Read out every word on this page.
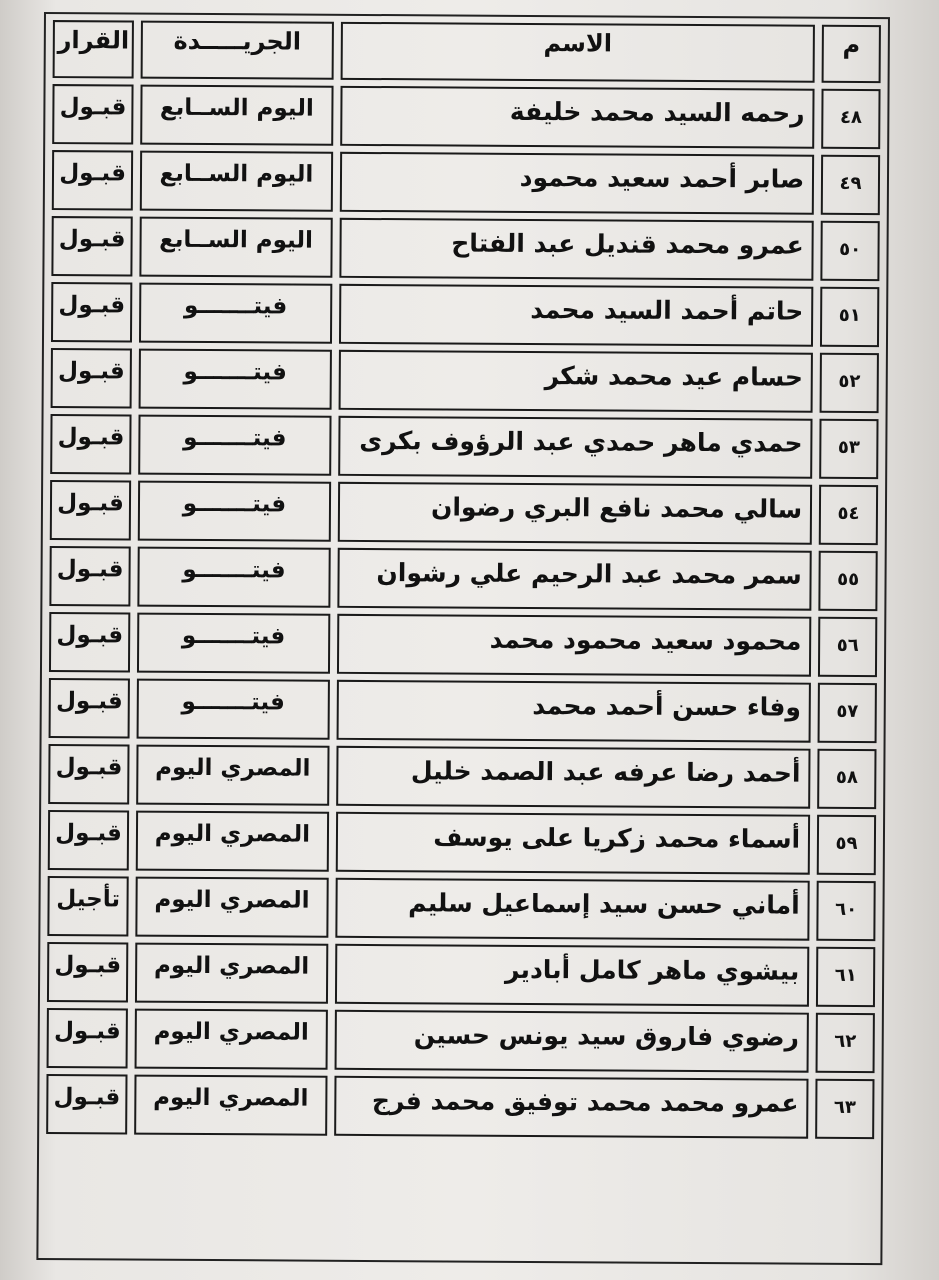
م	الاسم	الجريـــــدة	القرار
٤٨	رحمه السيد محمد خليفة	اليوم الســابع	قبـول
٤٩	صابر أحمد سعيد محمود	اليوم الســابع	قبـول
٥٠	عمرو محمد قنديل عبد الفتاح	اليوم الســابع	قبـول
٥١	حاتم أحمد السيد محمد	فيتـــــــو	قبـول
٥٢	حسام عيد محمد شكر	فيتـــــــو	قبـول
٥٣	حمدي ماهر حمدي عبد الرؤوف بكرى	فيتـــــــو	قبـول
٥٤	سالي محمد نافع البري رضوان	فيتـــــــو	قبـول
٥٥	سمر محمد عبد الرحيم علي رشوان	فيتـــــــو	قبـول
٥٦	محمود سعيد محمود محمد	فيتـــــــو	قبـول
٥٧	وفاء حسن أحمد محمد	فيتـــــــو	قبـول
٥٨	أحمد رضا عرفه عبد الصمد خليل	المصري اليوم	قبـول
٥٩	أسماء محمد زكريا على يوسف	المصري اليوم	قبـول
٦٠	أماني حسن سيد إسماعيل سليم	المصري اليوم	تأجيل
٦١	بيشوي ماهر كامل أبادير	المصري اليوم	قبـول
٦٢	رضوي فاروق سيد يونس حسين	المصري اليوم	قبـول
٦٣	عمرو محمد محمد توفيق محمد فرج	المصري اليوم	قبـول
